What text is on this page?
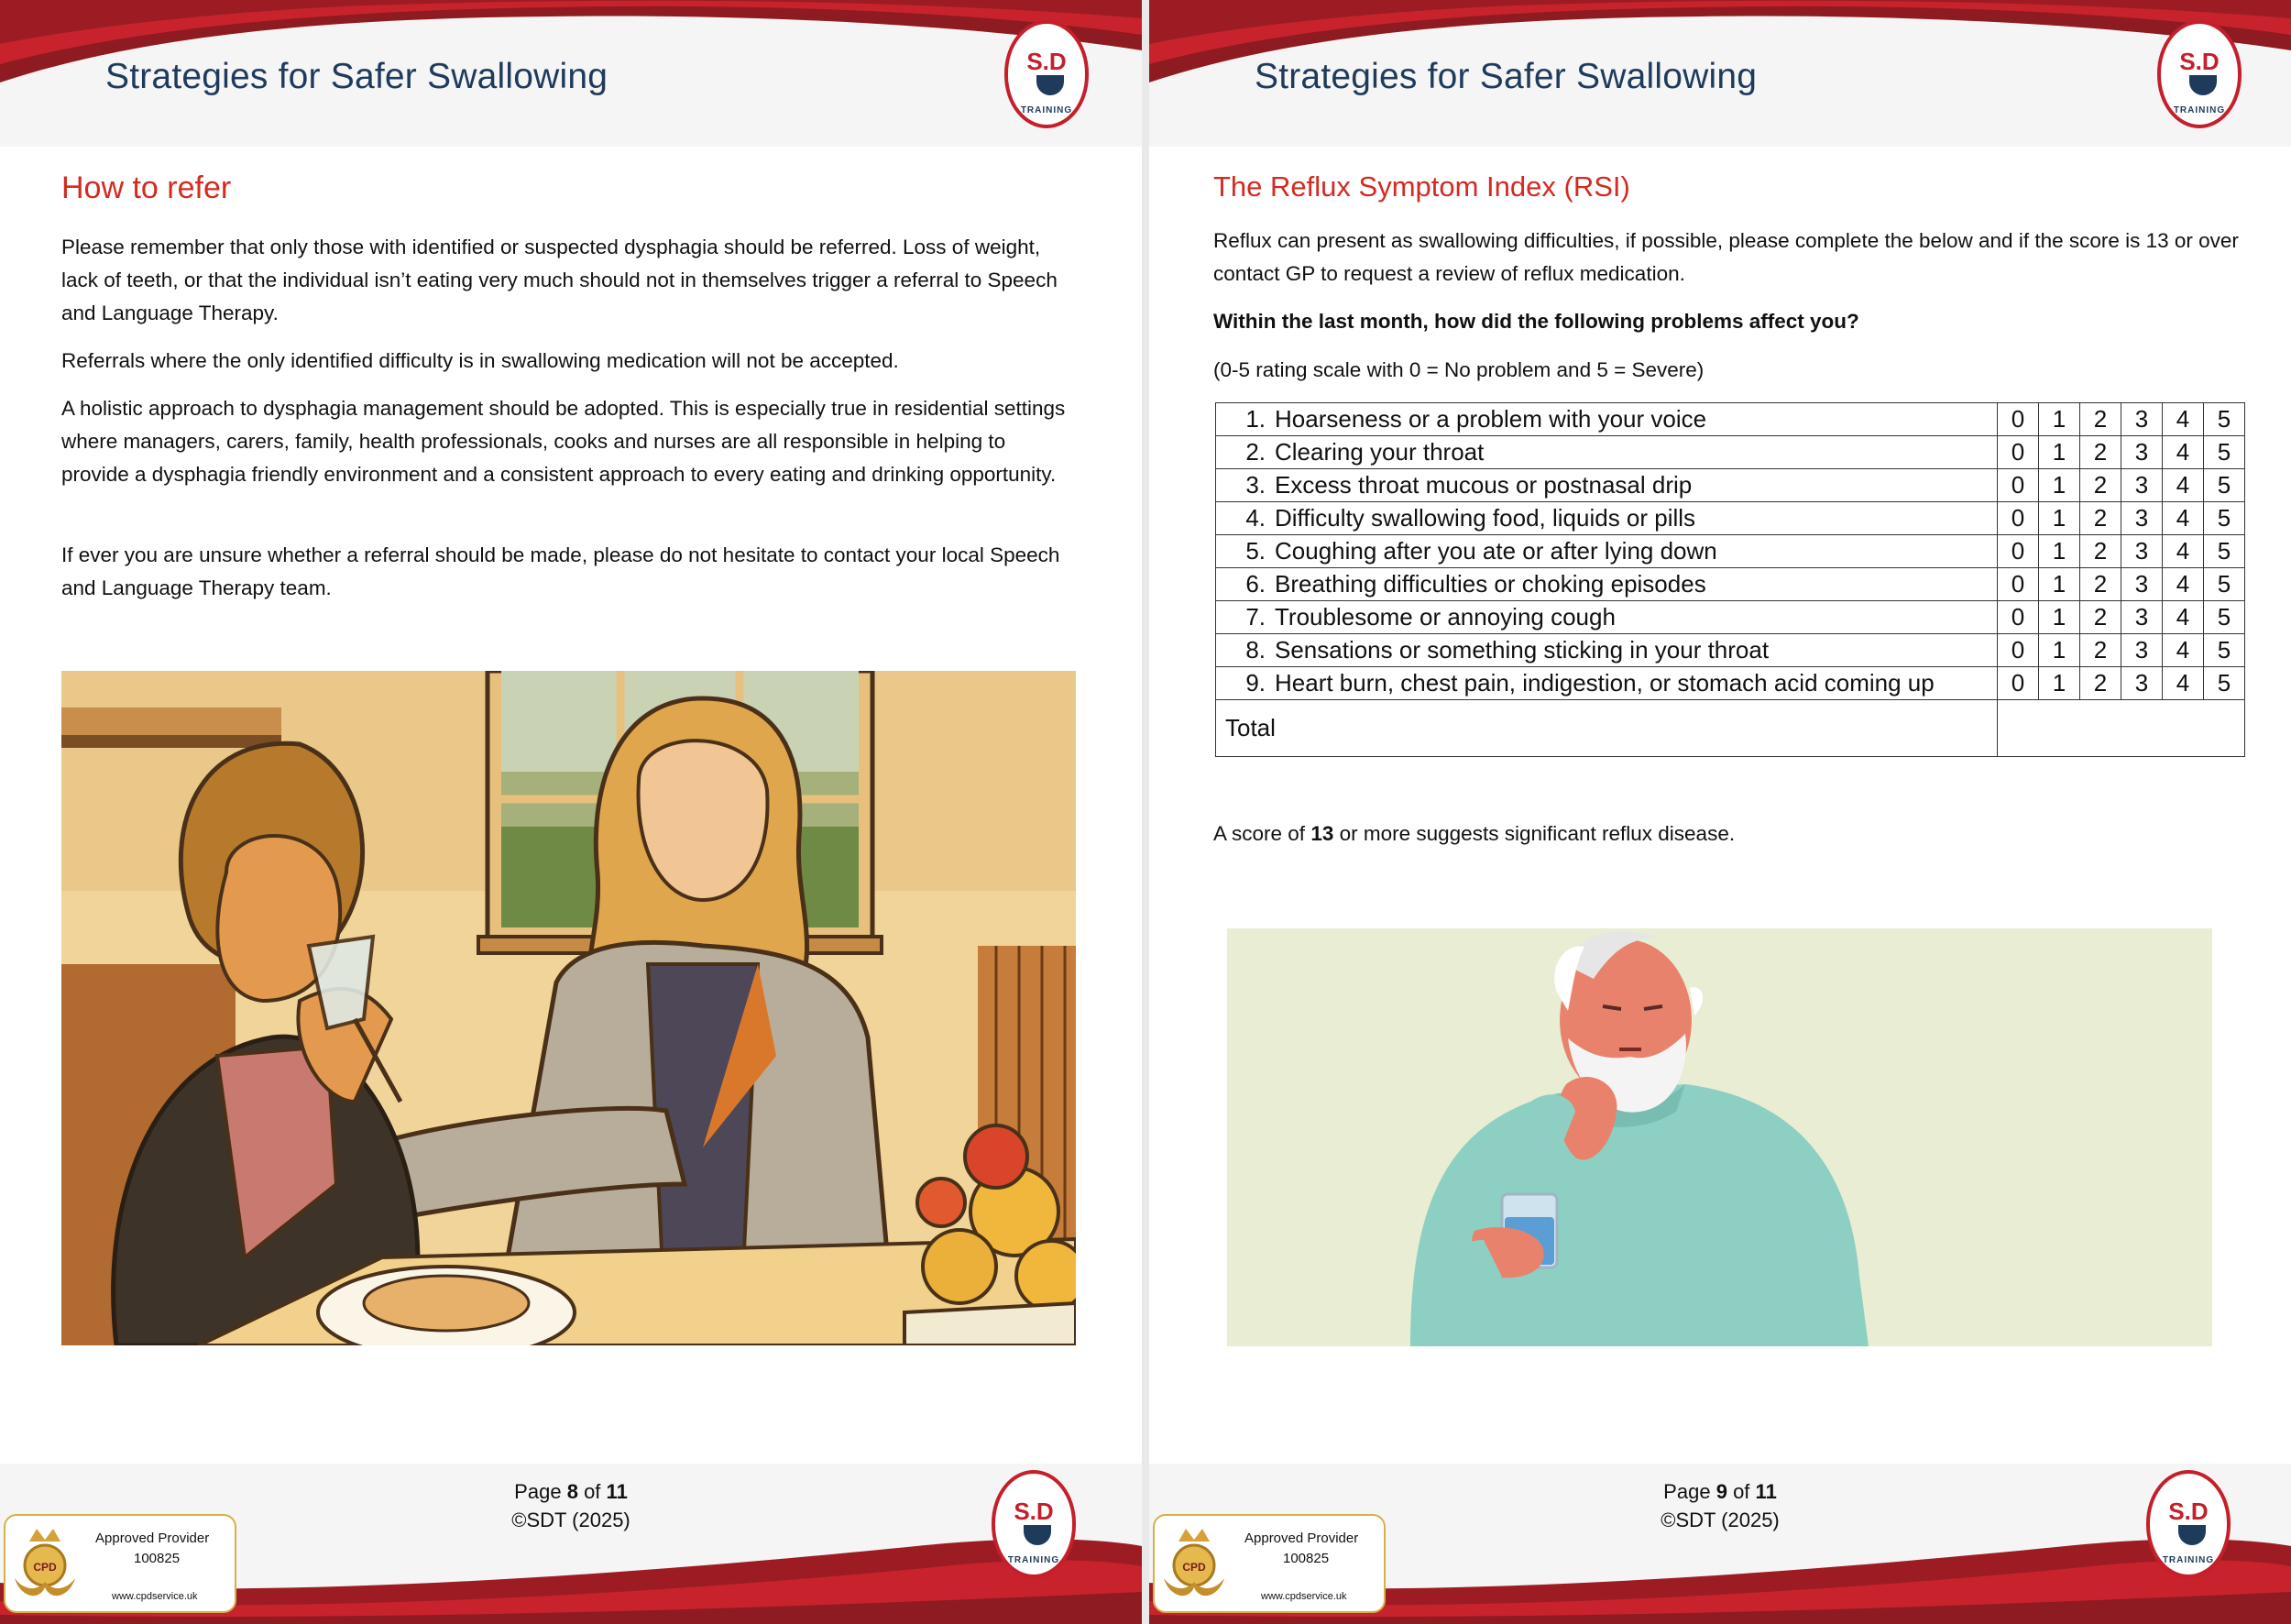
Strategies for Safer Swallowing	S.D
TRAINING
How to refer
Please remember that only those with identified or suspected dysphagia should be referred. Loss of weight, lack of teeth, or that the individual isn’t eating very much should not in themselves trigger a referral to Speech and Language Therapy.
Referrals where the only identified difficulty is in swallowing medication will not be accepted.
A holistic approach to dysphagia management should be adopted. This is especially true in residential settings where managers, carers, family, health professionals, cooks and nurses are all responsible in helping to provide a dysphagia friendly environment and a consistent approach to every eating and drinking opportunity.
If ever you are unsure whether a referral should be made, please do not hesitate to contact your local Speech and Language Therapy team.
Page 8 of 11
©SDT (2025)
CPD
Approved Provider
100825
www.cpdservice.uk
S.D
TRAINING
Strategies for Safer Swallowing	S.D
TRAINING
The Reflux Symptom Index (RSI)
Reflux can present as swallowing difficulties, if possible, please complete the below and if the score is 13 or over contact GP to request a review of reflux medication.
Within the last month, how did the following problems affect you?
(0-5 rating scale with 0 = No problem and 5 = Severe)
1. Hoarseness or a problem with your voice	0	1	2	3	4	5
2. Clearing your throat	0	1	2	3	4	5
3. Excess throat mucous or postnasal drip	0	1	2	3	4	5
4. Difficulty swallowing food, liquids or pills	0	1	2	3	4	5
5. Coughing after you ate or after lying down	0	1	2	3	4	5
6. Breathing difficulties or choking episodes	0	1	2	3	4	5
7. Troublesome or annoying cough	0	1	2	3	4	5
8. Sensations or something sticking in your throat	0	1	2	3	4	5
9. Heart burn, chest pain, indigestion, or stomach acid coming up	0	1	2	3	4	5
Total						
A score of 13 or more suggests significant reflux disease.
Page 9 of 11
©SDT (2025)
CPD
Approved Provider
100825
www.cpdservice.uk
S.D
TRAINING
